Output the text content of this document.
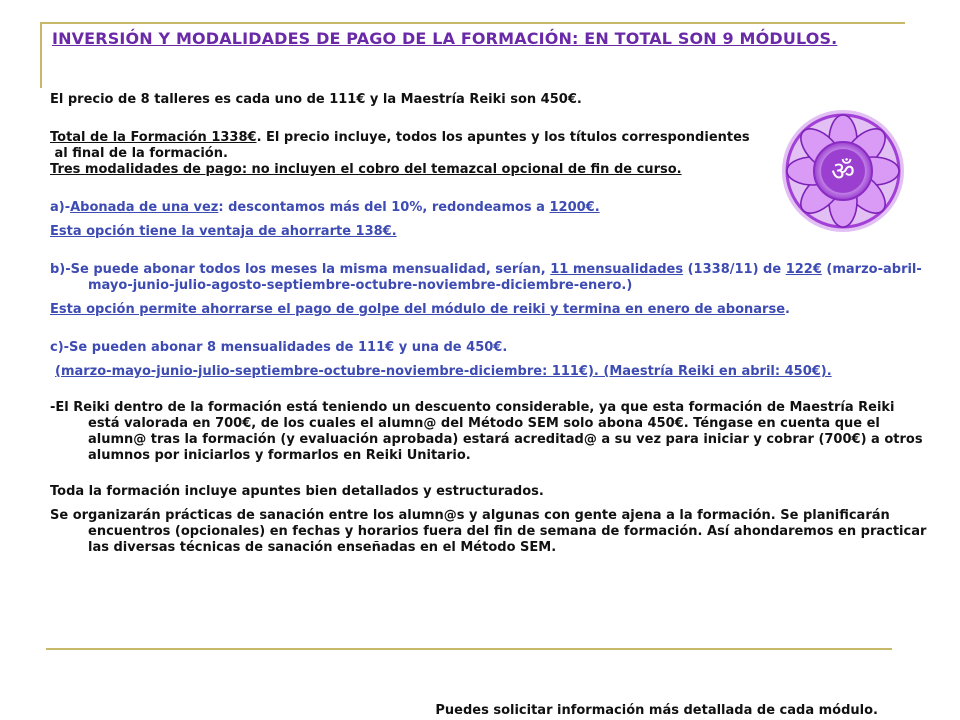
INVERSIÓN Y MODALIDADES DE PAGO DE LA FORMACIÓN: EN TOTAL SON 9 MÓDULOS.
ॐ

El precio de 8 talleres es cada uno de 111€ y la Maestría Reiki son 450€.

Total de la Formación 1338€. El precio incluye, todos los apuntes y los títulos correspondientes

al final de la formación.

Tres modalidades de pago: no incluyen el cobro del temazcal opcional de fin de curso.

a)-Abonada de una vez: descontamos más del 10%, redondeamos a 1200€.

Esta opción tiene la ventaja de ahorrarte 138€.

b)-Se puede abonar todos los meses la misma mensualidad, serían, 11 mensualidades (1338/11) de 122€ (marzo-abril-mayo-junio-julio-agosto-septiembre-octubre-noviembre-diciembre-enero.)

Esta opción permite ahorrarse el pago de golpe del módulo de reiki y termina en enero de abonarse.

c)-Se pueden abonar 8 mensualidades de 111€ y una de 450€.

(marzo-mayo-junio-julio-septiembre-octubre-noviembre-diciembre: 111€). (Maestría Reiki en abril: 450€).

-El Reiki dentro de la formación está teniendo un descuento considerable, ya que esta formación de Maestría Reiki está valorada en 700€, de los cuales el alumn@ del Método SEM solo abona 450€. Téngase en cuenta que el alumn@ tras la formación (y evaluación aprobada) estará acreditad@ a su vez para iniciar y cobrar (700€) a otros alumnos por iniciarlos y formarlos en Reiki Unitario.

Toda la formación incluye apuntes bien detallados y estructurados.

Se organizarán prácticas de sanación entre los alumn@s y algunas con gente ajena a la formación. Se planificarán encuentros (opcionales) en fechas y horarios fuera del fin de semana de formación. Así ahondaremos en practicar las diversas técnicas de sanación enseñadas en el Método SEM.

Puedes solicitar información más detallada de cada módulo.
